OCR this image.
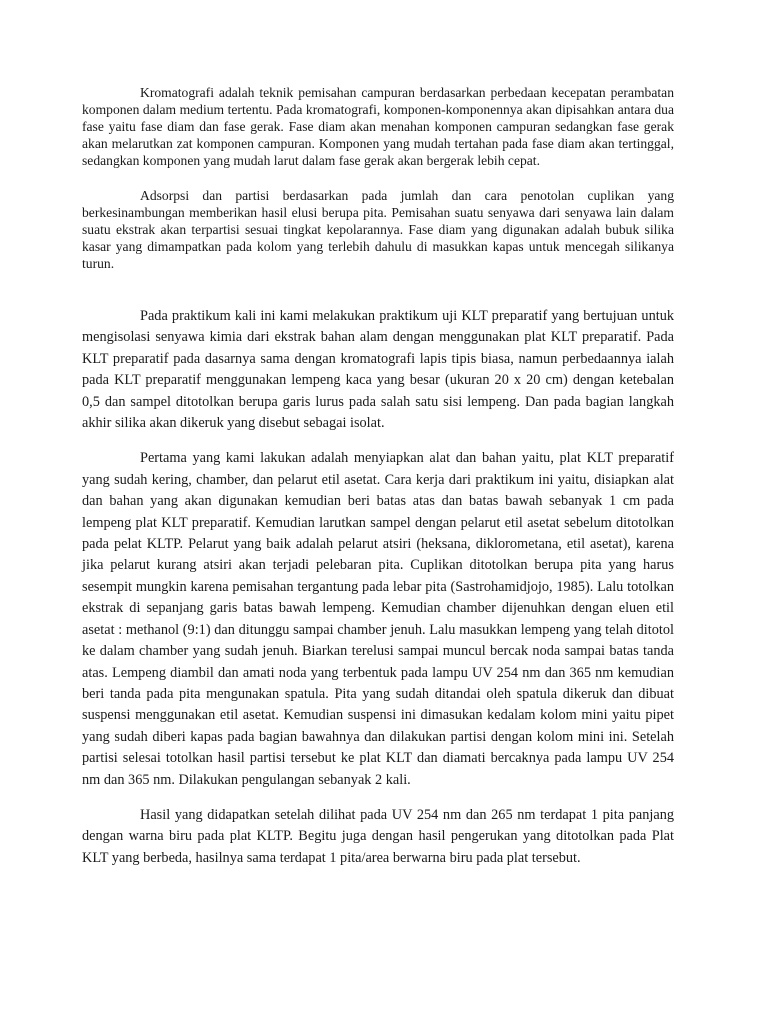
Kromatografi adalah teknik pemisahan campuran berdasarkan perbedaan kecepatan perambatan komponen dalam medium tertentu. Pada kromatografi, komponen-komponennya akan dipisahkan antara dua fase yaitu fase diam dan fase gerak. Fase diam akan menahan komponen campuran sedangkan fase gerak akan melarutkan zat komponen campuran. Komponen yang mudah tertahan pada fase diam akan tertinggal, sedangkan komponen yang mudah larut dalam fase gerak akan bergerak lebih cepat.

Adsorpsi dan partisi berdasarkan pada jumlah dan cara penotolan cuplikan yang berkesinambungan memberikan hasil elusi berupa pita. Pemisahan suatu senyawa dari senyawa lain dalam suatu ekstrak akan terpartisi sesuai tingkat kepolarannya. Fase diam yang digunakan adalah bubuk silika kasar yang dimampatkan pada kolom yang terlebih dahulu di masukkan kapas untuk mencegah silikanya turun.

Pada praktikum kali ini kami melakukan praktikum uji KLT preparatif yang bertujuan untuk mengisolasi senyawa kimia dari ekstrak bahan alam dengan menggunakan plat KLT preparatif. Pada KLT preparatif pada dasarnya sama dengan kromatografi lapis tipis biasa, namun perbedaannya ialah pada KLT preparatif menggunakan lempeng kaca yang besar (ukuran 20 x 20 cm) dengan ketebalan 0,5 dan sampel ditotolkan berupa garis lurus pada salah satu sisi lempeng. Dan pada bagian langkah akhir silika akan dikeruk yang disebut sebagai isolat.

Pertama yang kami lakukan adalah menyiapkan alat dan bahan yaitu, plat KLT preparatif yang sudah kering, chamber, dan pelarut etil asetat. Cara kerja dari praktikum ini yaitu, disiapkan alat dan bahan yang akan digunakan kemudian beri batas atas dan batas bawah sebanyak 1 cm pada lempeng plat KLT preparatif. Kemudian larutkan sampel dengan pelarut etil asetat sebelum ditotolkan pada pelat KLTP. Pelarut yang baik adalah pelarut atsiri (heksana, diklorometana, etil asetat), karena jika pelarut kurang atsiri akan terjadi pelebaran pita. Cuplikan ditotolkan berupa pita yang harus sesempit mungkin karena pemisahan tergantung pada lebar pita (Sastrohamidjojo, 1985). Lalu totolkan ekstrak di sepanjang garis batas bawah lempeng. Kemudian chamber dijenuhkan dengan eluen etil asetat : methanol (9:1) dan ditunggu sampai chamber jenuh. Lalu masukkan lempeng yang telah ditotol ke dalam chamber yang sudah jenuh. Biarkan terelusi sampai muncul bercak noda sampai batas tanda atas. Lempeng diambil dan amati noda yang terbentuk pada lampu UV 254 nm dan 365 nm kemudian beri tanda pada pita mengunakan spatula. Pita yang sudah ditandai oleh spatula dikeruk dan dibuat suspensi menggunakan etil asetat. Kemudian suspensi ini dimasukan kedalam kolom mini yaitu pipet yang sudah diberi kapas pada bagian bawahnya dan dilakukan partisi dengan kolom mini ini. Setelah partisi selesai totolkan hasil partisi tersebut ke plat KLT dan diamati bercaknya pada lampu UV 254 nm dan 365 nm. Dilakukan pengulangan sebanyak 2 kali.

Hasil yang didapatkan setelah dilihat pada UV 254 nm dan 265 nm terdapat 1 pita panjang dengan warna biru pada plat KLTP. Begitu juga dengan hasil pengerukan yang ditotolkan pada Plat KLT yang berbeda, hasilnya sama terdapat 1 pita/area berwarna biru pada plat tersebut.
